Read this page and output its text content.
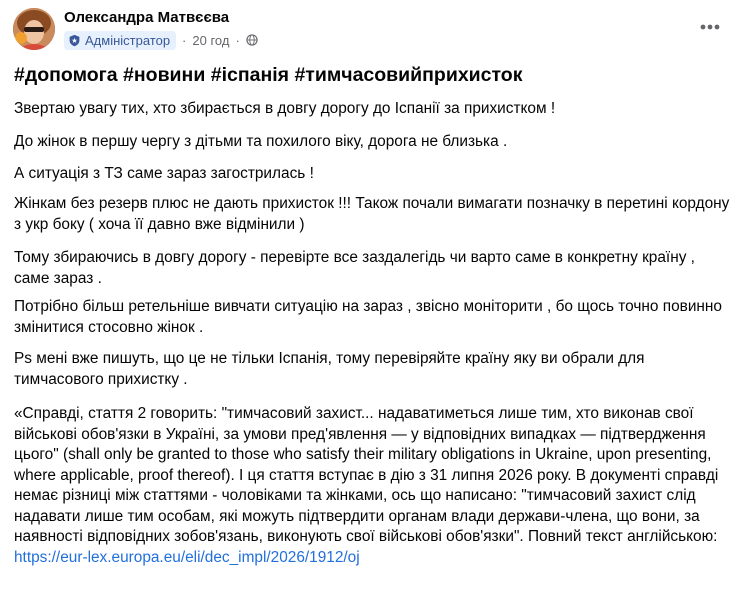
Олександра Матвєєва
Адміністратор · 20 год ·
#допомога #новини #іспанія #тимчасовийприхисток

Звертаю увагу тих, хто збирається в довгу дорогу до Іспанії за прихистком !

До жінок в першу чергу з дітьми та похилого віку, дорога не близька .

А ситуація з ТЗ саме зараз загострилась !

Жінкам без резерв плюс не дають прихисток !!! Також почали вимагати позначку в перетині кордону з укр боку ( хоча її давно вже відмінили )

Тому збираючись в довгу дорогу - перевірте все заздалегідь чи варто саме в конкретну країну , саме зараз .

Потрібно більш ретельніше вивчати ситуацію на зараз , звісно моніторити , бо щось точно повинно змінитися стосовно жінок .

Ps мені вже пишуть, що це не тільки Іспанія, тому перевіряйте країну яку ви обрали для тимчасового прихистку .

«Справді, стаття 2 говорить: "тимчасовий захист... надаватиметься лише тим, хто виконав свої військові обов'язки в Україні, за умови пред'явлення — у відповідних випадках — підтвердження цього" (shall only be granted to those who satisfy their military obligations in Ukraine, upon presenting, where applicable, proof thereof). І ця стаття вступає в дію з 31 липня 2026 року. В документі справді немає різниці між статтями - чоловіками та жінками, ось що написано: "тимчасовий захист слід надавати лише тим особам, які можуть підтвердити органам влади держави-члена, що вони, за наявності відповідних зобов'язань, виконують свої військові обов'язки". Повний текст англійською: https://eur-lex.europa.eu/eli/dec_impl/2026/1912/oj
